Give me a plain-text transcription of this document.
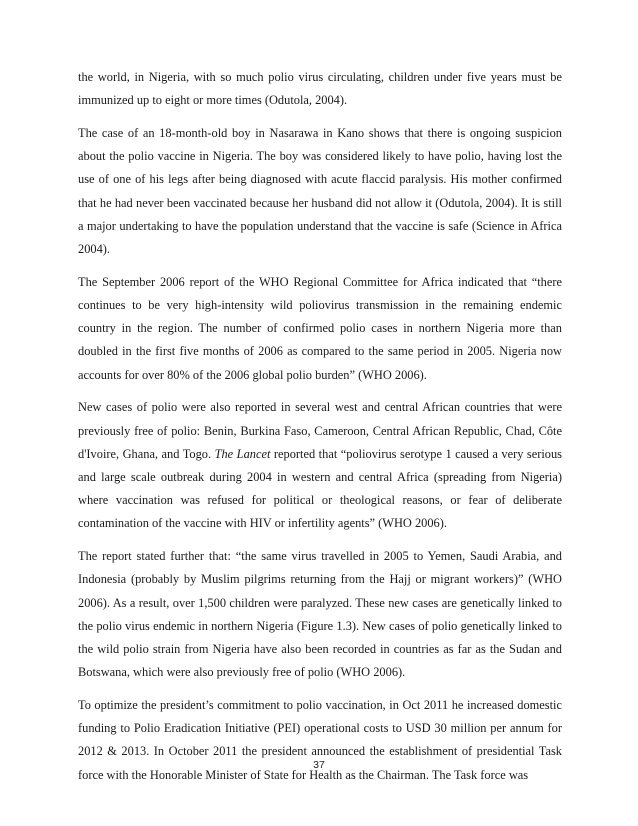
the world, in Nigeria, with so much polio virus circulating, children under five years must be immunized up to eight or more times (Odutola, 2004).

The case of an 18-month-old boy in Nasarawa in Kano shows that there is ongoing suspicion about the polio vaccine in Nigeria. The boy was considered likely to have polio, having lost the use of one of his legs after being diagnosed with acute flaccid paralysis. His mother confirmed that he had never been vaccinated because her husband did not allow it (Odutola, 2004). It is still a major undertaking to have the population understand that the vaccine is safe (Science in Africa 2004).

The September 2006 report of the WHO Regional Committee for Africa indicated that “there continues to be very high-intensity wild poliovirus transmission in the remaining endemic country in the region. The number of confirmed polio cases in northern Nigeria more than doubled in the first five months of 2006 as compared to the same period in 2005. Nigeria now accounts for over 80% of the 2006 global polio burden” (WHO 2006).

New cases of polio were also reported in several west and central African countries that were previously free of polio: Benin, Burkina Faso, Cameroon, Central African Republic, Chad, Côte d'Ivoire, Ghana, and Togo. The Lancet reported that “poliovirus serotype 1 caused a very serious and large scale outbreak during 2004 in western and central Africa (spreading from Nigeria) where vaccination was refused for political or theological reasons, or fear of deliberate contamination of the vaccine with HIV or infertility agents” (WHO 2006).

The report stated further that: “the same virus travelled in 2005 to Yemen, Saudi Arabia, and Indonesia (probably by Muslim pilgrims returning from the Hajj or migrant workers)” (WHO 2006). As a result, over 1,500 children were paralyzed. These new cases are genetically linked to the polio virus endemic in northern Nigeria (Figure 1.3). New cases of polio genetically linked to the wild polio strain from Nigeria have also been recorded in countries as far as the Sudan and Botswana, which were also previously free of polio (WHO 2006).

To optimize the president’s commitment to polio vaccination, in Oct 2011 he increased domestic funding to Polio Eradication Initiative (PEI) operational costs to USD 30 million per annum for 2012 & 2013. In October 2011 the president announced the establishment of presidential Task force with the Honorable Minister of State for Health as the Chairman. The Task force was

37
